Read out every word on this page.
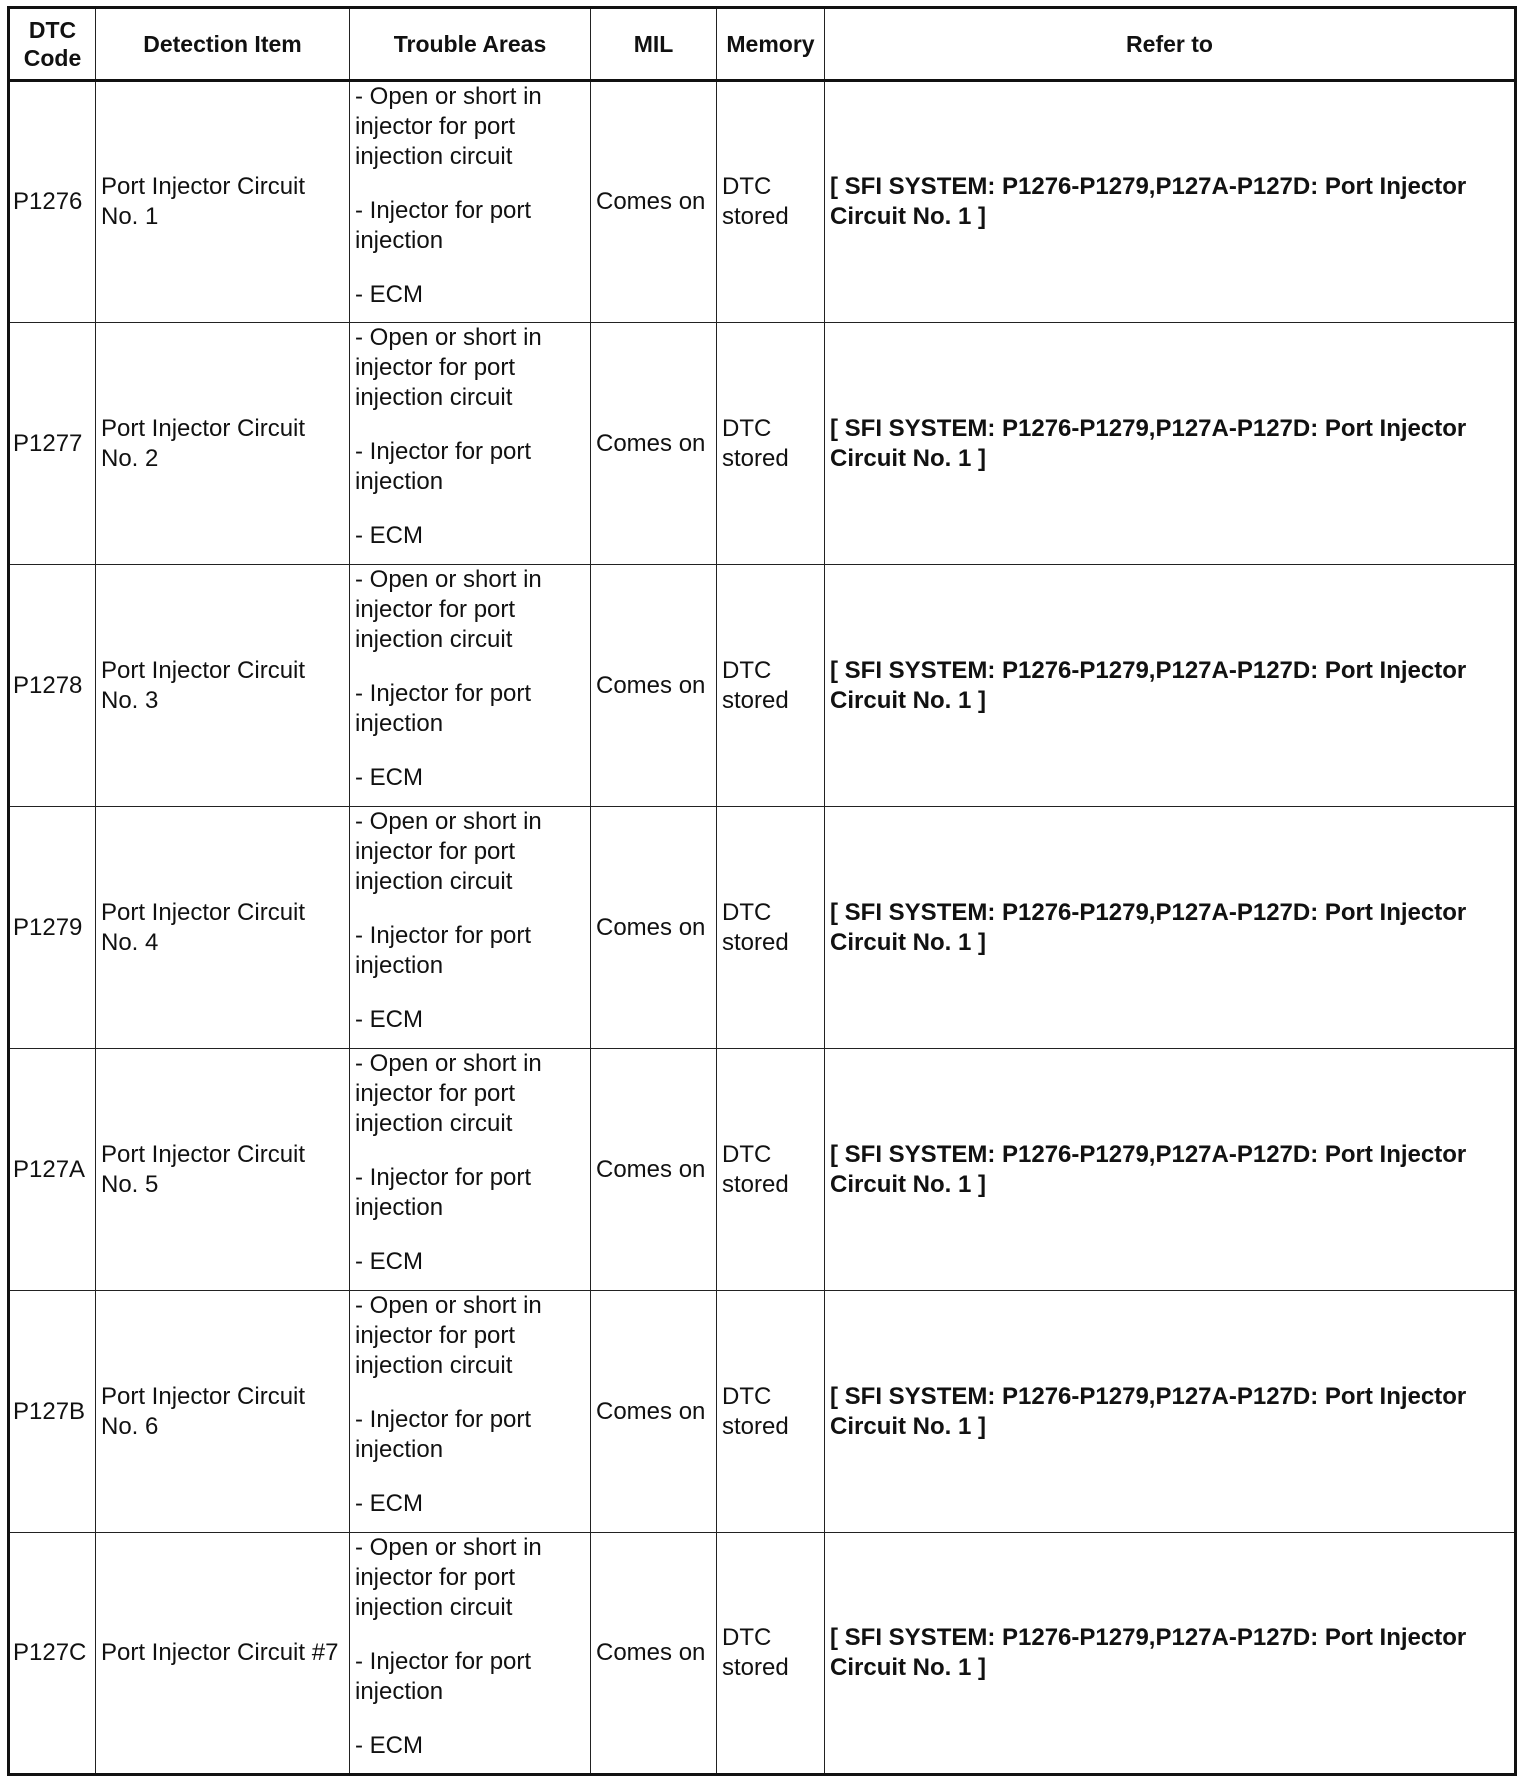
DTC
Code	Detection Item	Trouble Areas	MIL	Memory	Refer to
P1276	Port Injector Circuit No. 1	- Open or short in injector for port injection circuit
- Injector for port injection
- ECM	Comes on	DTC stored	[ SFI SYSTEM: P1276-P1279,P127A-P127D: Port Injector Circuit No. 1 ]
P1277	Port Injector Circuit No. 2	- Open or short in injector for port injection circuit
- Injector for port injection
- ECM	Comes on	DTC stored	[ SFI SYSTEM: P1276-P1279,P127A-P127D: Port Injector Circuit No. 1 ]
P1278	Port Injector Circuit No. 3	- Open or short in injector for port injection circuit
- Injector for port injection
- ECM	Comes on	DTC stored	[ SFI SYSTEM: P1276-P1279,P127A-P127D: Port Injector Circuit No. 1 ]
P1279	Port Injector Circuit No. 4	- Open or short in injector for port injection circuit
- Injector for port injection
- ECM	Comes on	DTC stored	[ SFI SYSTEM: P1276-P1279,P127A-P127D: Port Injector Circuit No. 1 ]
P127A	Port Injector Circuit No. 5	- Open or short in injector for port injection circuit
- Injector for port injection
- ECM	Comes on	DTC stored	[ SFI SYSTEM: P1276-P1279,P127A-P127D: Port Injector Circuit No. 1 ]
P127B	Port Injector Circuit No. 6	- Open or short in injector for port injection circuit
- Injector for port injection
- ECM	Comes on	DTC stored	[ SFI SYSTEM: P1276-P1279,P127A-P127D: Port Injector Circuit No. 1 ]
P127C	Port Injector Circuit #7	- Open or short in injector for port injection circuit
- Injector for port injection
- ECM	Comes on	DTC stored	[ SFI SYSTEM: P1276-P1279,P127A-P127D: Port Injector Circuit No. 1 ]
